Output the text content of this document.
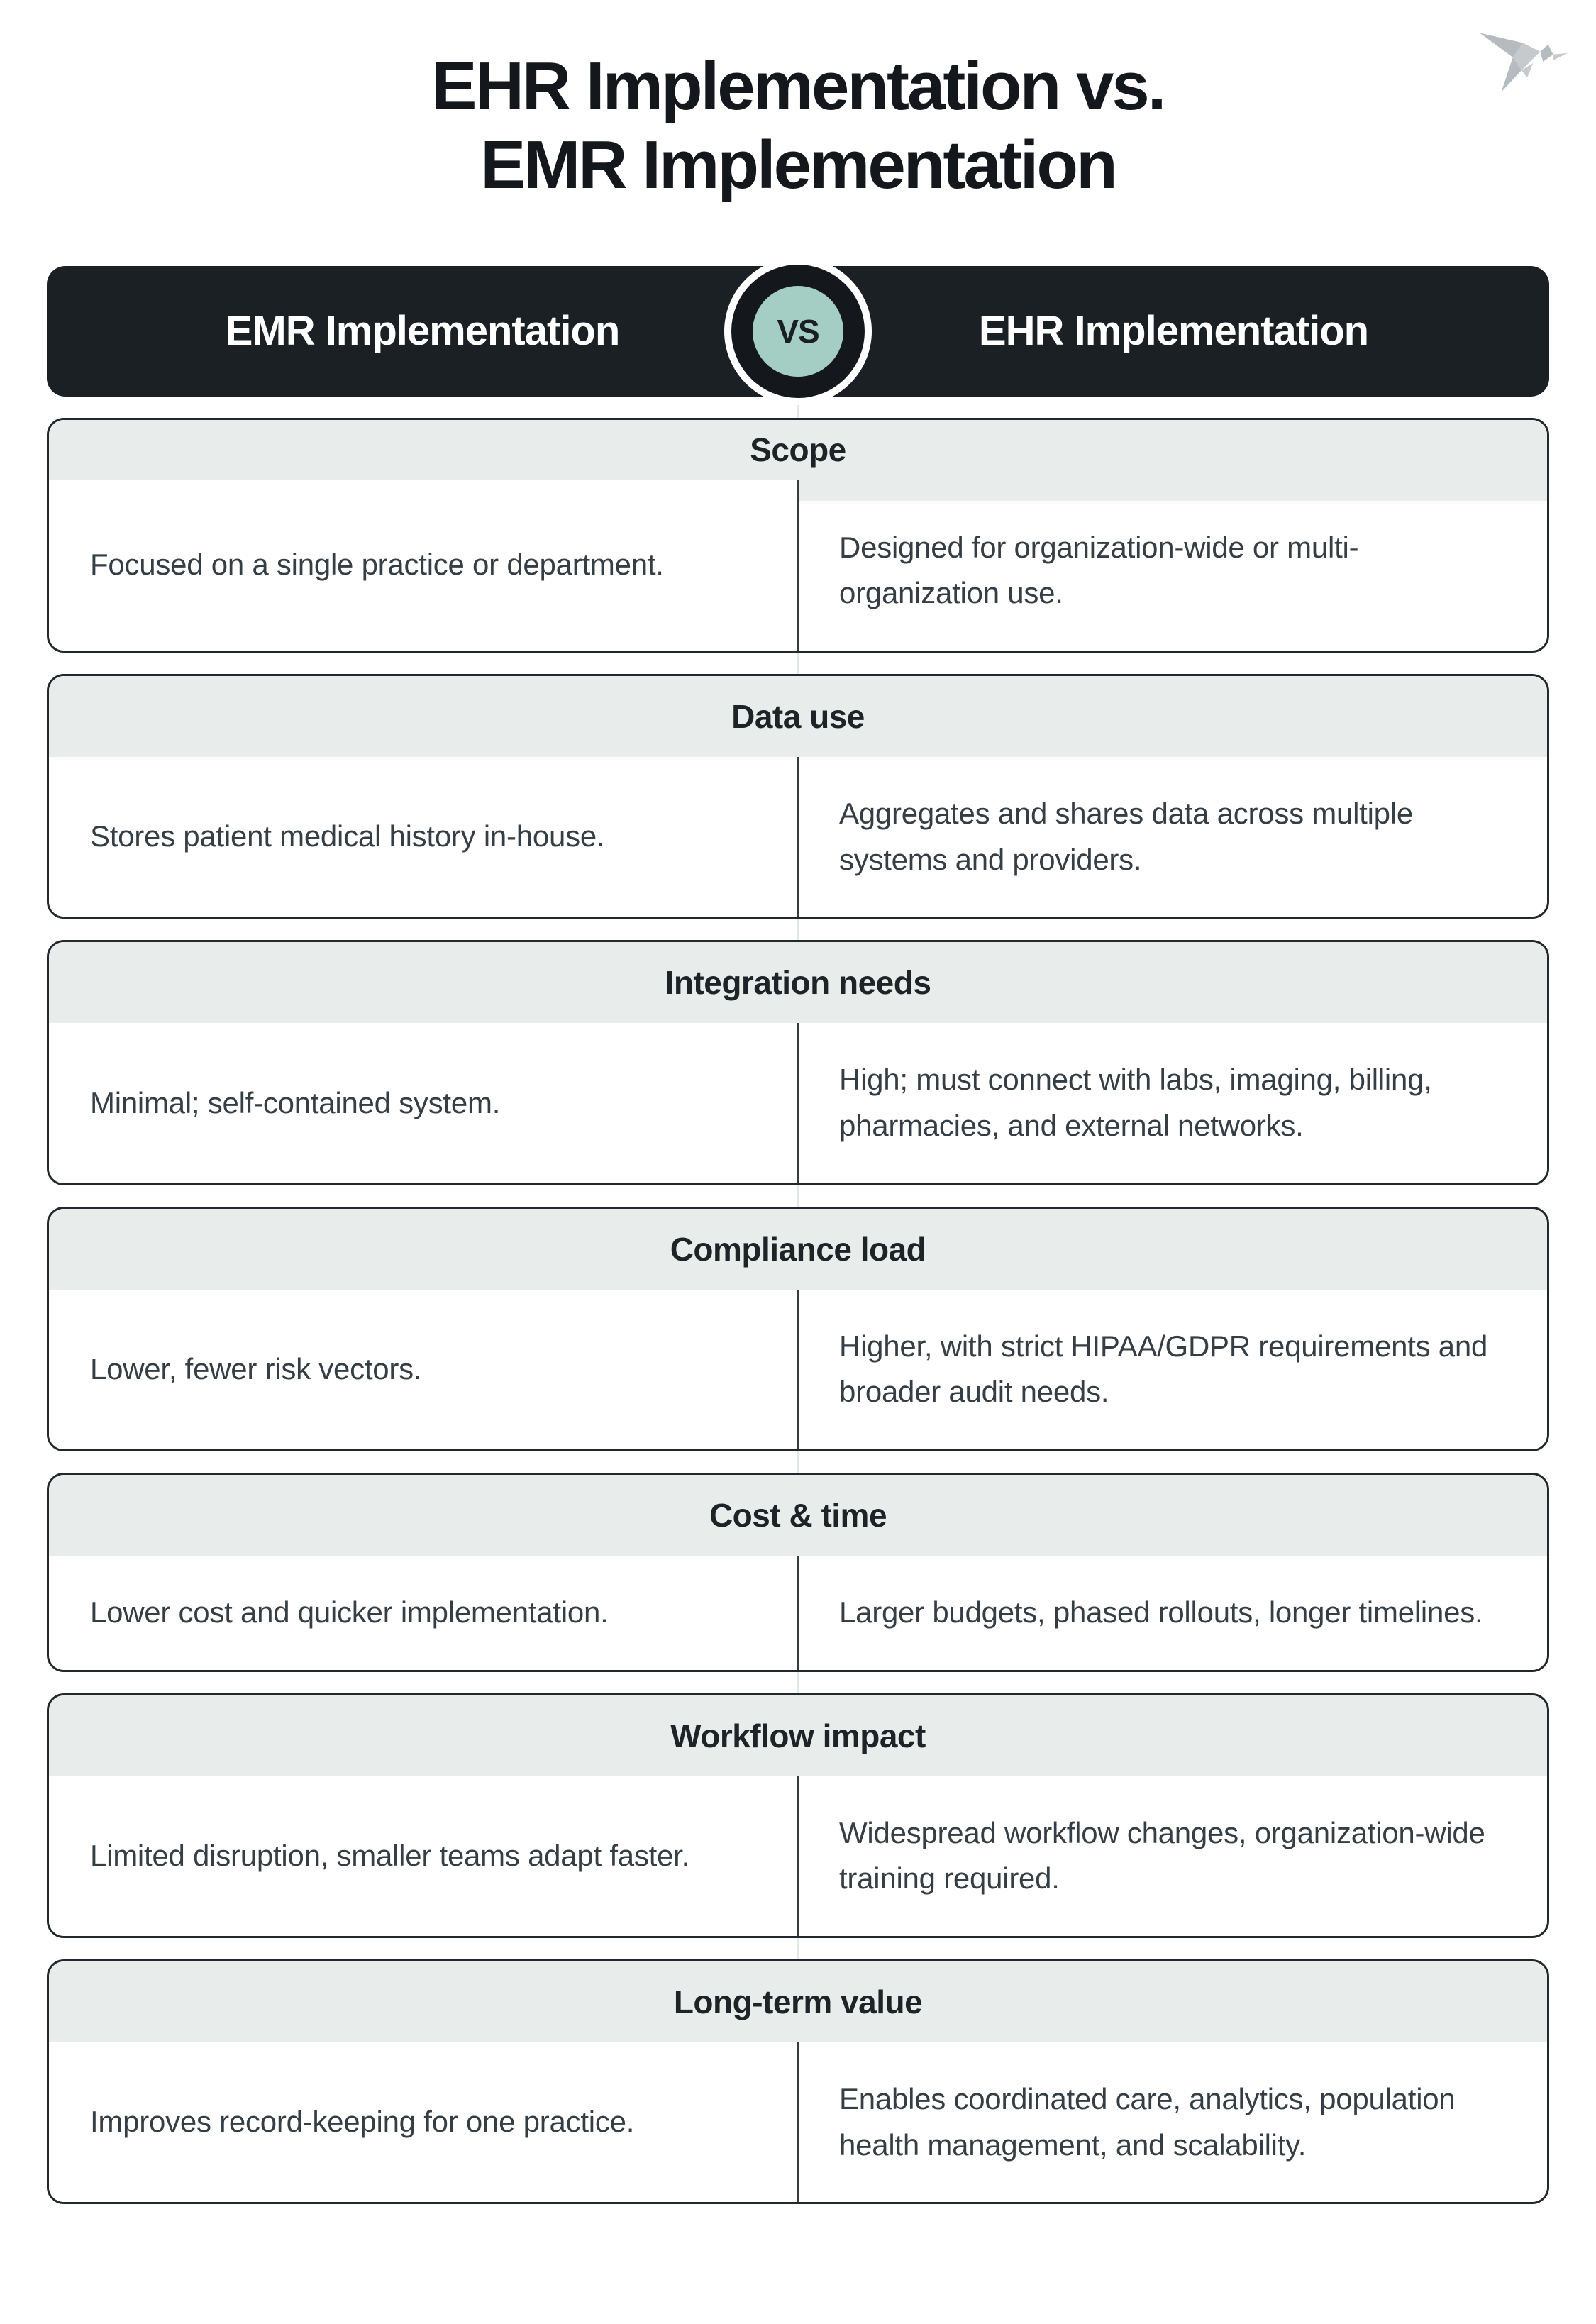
EHR Implementation vs.
EMR Implementation
EMR Implementation	EHR Implementation
VS
Scope
Focused on a single practice or department.
Designed for organization-wide or multi-organization use.
Data use
Stores patient medical history in-house.
Aggregates and shares data across multiple systems and providers.
Integration needs
Minimal; self-contained system.
High; must connect with labs, imaging, billing, pharmacies, and external networks.
Compliance load
Lower, fewer risk vectors.
Higher, with strict HIPAA/GDPR requirements and broader audit needs.
Cost & time
Lower cost and quicker implementation.	Larger budgets, phased rollouts, longer timelines.
Workflow impact
Limited disruption, smaller teams adapt faster.
Widespread workflow changes, organization-wide training required.
Long-term value
Improves record-keeping for one practice.
Enables coordinated care, analytics, population health management, and scalability.
